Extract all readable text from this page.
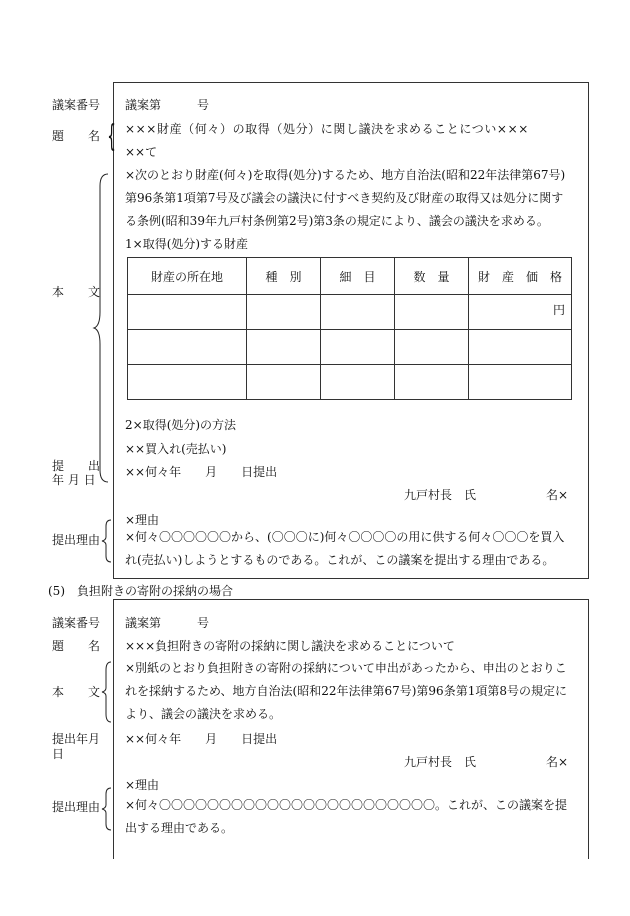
議案番号 議案第　　　号
題　　名 { ×××財産（何々）の取得（処分）に関し議決を求めることについ×××
××て
本　　文
×次のとおり財産(何々)を取得(処分)するため、地方自治法(昭和22年法律第67号)第96条第1項第7号及び議会の議決に付すべき契約及び財産の取得又は処分に関する条例(昭和39年九戸村条例第2号)第3条の規定により、議会の議決を求める。
1×取得(処分)する財産
財産の所在地	種　別	細　目	数　量	財　産　価　格
				円

2×取得(処分)の方法
××買入れ(売払い)
提　　出
年 月 日
××何々年　　月　　日提出
九戸村長　氏	名×
×理由
提出理由 ×何々〇〇〇〇〇〇から、(〇〇〇に)何々〇〇〇〇の用に供する何々〇〇〇を買入れ(売払い)しようとするものである。これが、この議案を提出する理由である。
(5)　負担附きの寄附の採納の場合
議案番号 議案第　　　号
題　　名 ×××負担附きの寄附の採納に関し議決を求めることについて
本　　文
×別紙のとおり負担附きの寄附の採納について申出があったから、申出のとおりこれを採納するため、地方自治法(昭和22年法律第67号)第96条第1項第8号の規定により、議会の議決を求める。
提出年月
日
××何々年　　月　　日提出
九戸村長　氏	名×
×理由
提出理由 ×何々〇〇〇〇〇〇〇〇〇〇〇〇〇〇〇〇〇〇〇〇〇〇〇。これが、この議案を提出する理由である。
